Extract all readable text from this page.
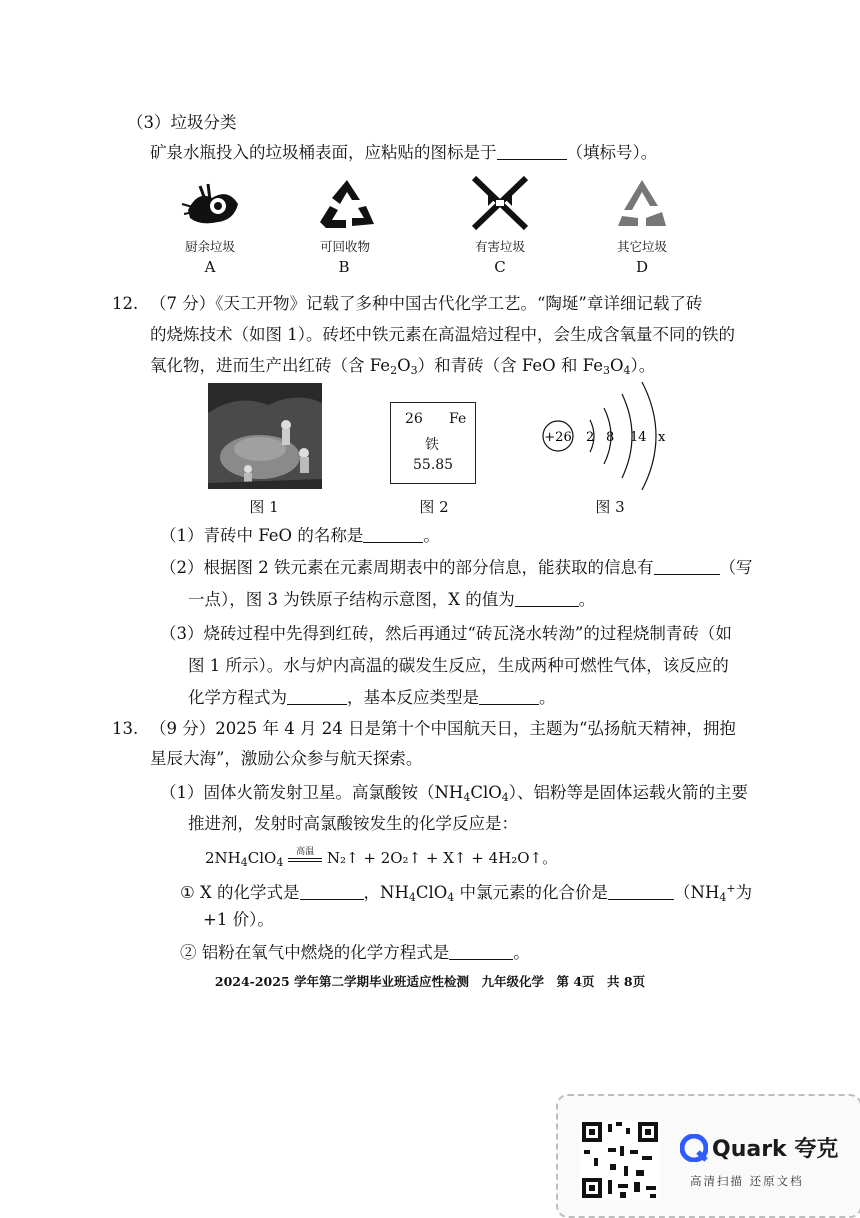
（3）垃圾分类
矿泉水瓶投入的垃圾桶表面，应粘贴的图标是于	（填标号）。
厨余垃圾	可回收物	有害垃圾	其它垃圾
A	B	C	D
12. （7 分）《天工开物》记载了多种中国古代化学工艺。“陶埏”章详细记载了砖
的烧炼技术（如图 1）。砖坯中铁元素在高温焙过程中，会生成含氧量不同的铁的
氧化物，进而生产出红砖（含 $Fe_2O_3$）和青砖（含 FeO 和 $Fe_3O_4$）。
26 Fe
铁
55.85
+26 2 8 14 x
图 1	图 2	图 3
（1）青砖中 FeO 的名称是	。
（2）根据图 2 铁元素在元素周期表中的部分信息，能获取的信息有	（写
一点），图 3 为铁原子结构示意图，X 的值为	。
（3）烧砖过程中先得到红砖，然后再通过“砖瓦浇水转泑”的过程烧制青砖（如
图 1 所示）。水与炉内高温的碳发生反应，生成两种可燃性气体，该反应的
化学方程式为	，基本反应类型是	。
13. （9 分）2025 年 4 月 24 日是第十个中国航天日，主题为“弘扬航天精神，拥抱
星辰大海”，激励公众参与航天探索。
（1）固体火箭发射卫星。高氯酸铵$(NH_4ClO_4)$、铝粉等是固体运载火箭的主要
推进剂，发射时高氯酸铵发生的化学反应是：
$2NH_4ClO_4$
高温 N₂↑ + 2O₂↑ + X↑ + 4H₂O↑。
① X 的化学式是	，$NH_4ClO_4$ 中氯元素的化合价是	（$NH_4^+$为
+1 价）。
② 铝粉在氧气中燃烧的化学方程式是	。
2024-2025 学年第二学期毕业班适应性检测　九年级化学　第 4页　共 8页
Quark 夸克
高清扫描 还原文档
